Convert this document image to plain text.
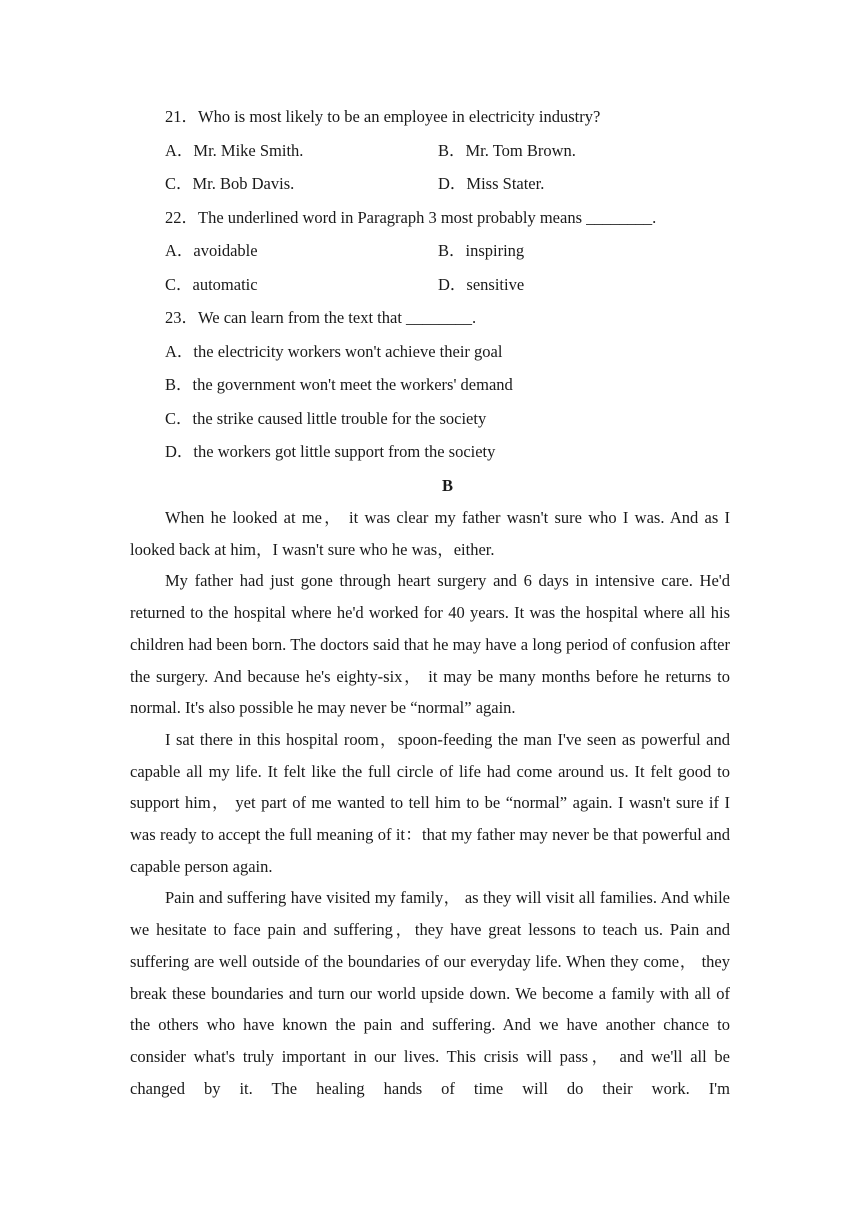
21．Who is most likely to be an employee in electricity industry?
A．Mr. Mike Smith.	B．Mr. Tom Brown.
C．Mr. Bob Davis.	D．Miss Stater.
22．The underlined word in Paragraph 3 most probably means ________.
A．avoidable	B．inspiring
C．automatic	D．sensitive
23．We can learn from the text that ________.
A．the electricity workers won't achieve their goal
B．the government won't meet the workers' demand
C．the strike caused little trouble for the society
D．the workers got little support from the society
B

When he looked at me， it was clear my father wasn't sure who I was. And as I looked back at him，I wasn't sure who he was，either.

My father had just gone through heart surgery and 6 days in intensive care. He'd returned to the hospital where he'd worked for 40 years. It was the hospital where all his children had been born. The doctors said that he may have a long period of confusion after the surgery. And because he's eighty-six， it may be many months before he returns to normal. It's also possible he may never be “normal” again.

I sat there in this hospital room，spoon-feeding the man I've seen as powerful and capable all my life. It felt like the full circle of life had come around us. It felt good to support him， yet part of me wanted to tell him to be “normal” again. I wasn't sure if I was ready to accept the full meaning of it：that my father may never be that powerful and capable person again.

Pain and suffering have visited my family， as they will visit all families. And while we hesitate to face pain and suffering，they have great lessons to teach us. Pain and suffering are well outside of the boundaries of our everyday life. When they come， they break these boundaries and turn our world upside down. We become a family with all of the others who have known the pain and suffering. And we have another chance to consider what's truly important in our lives. This crisis will pass， and we'll all be changed by it. The healing hands of time will do their work. I'm
